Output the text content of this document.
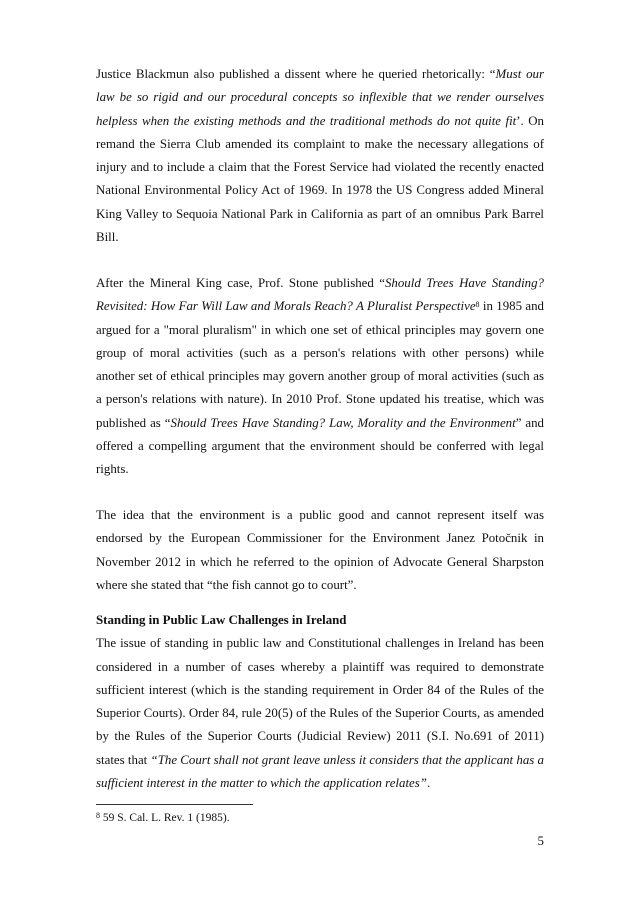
Justice Blackmun also published a dissent where he queried rhetorically: “Must our law be so rigid and our procedural concepts so inflexible that we render ourselves helpless when the existing methods and the traditional methods do not quite fit’. On remand the Sierra Club amended its complaint to make the necessary allegations of injury and to include a claim that the Forest Service had violated the recently enacted National Environmental Policy Act of 1969. In 1978 the US Congress added Mineral King Valley to Sequoia National Park in California as part of an omnibus Park Barrel Bill.

After the Mineral King case, Prof. Stone published “Should Trees Have Standing? Revisited: How Far Will Law and Morals Reach? A Pluralist Perspective$^8$ in 1985 and argued for a "moral pluralism" in which one set of ethical principles may govern one group of moral activities (such as a person's relations with other persons) while another set of ethical principles may govern another group of moral activities (such as a person's relations with nature). In 2010 Prof. Stone updated his treatise, which was published as “Should Trees Have Standing? Law, Morality and the Environment” and offered a compelling argument that the environment should be conferred with legal rights.

The idea that the environment is a public good and cannot represent itself was endorsed by the European Commissioner for the Environment Janez Potočnik in November 2012 in which he referred to the opinion of Advocate General Sharpston where she stated that “the fish cannot go to court”.

Standing in Public Law Challenges in Ireland

The issue of standing in public law and Constitutional challenges in Ireland has been considered in a number of cases whereby a plaintiff was required to demonstrate sufficient interest (which is the standing requirement in Order 84 of the Rules of the Superior Courts). Order 84, rule 20(5) of the Rules of the Superior Courts, as amended by the Rules of the Superior Courts (Judicial Review) 2011 (S.I. No.691 of 2011) states that “The Court shall not grant leave unless it considers that the applicant has a sufficient interest in the matter to which the application relates”.

$^8$ 59 S. Cal. L. Rev. 1 (1985).
5
